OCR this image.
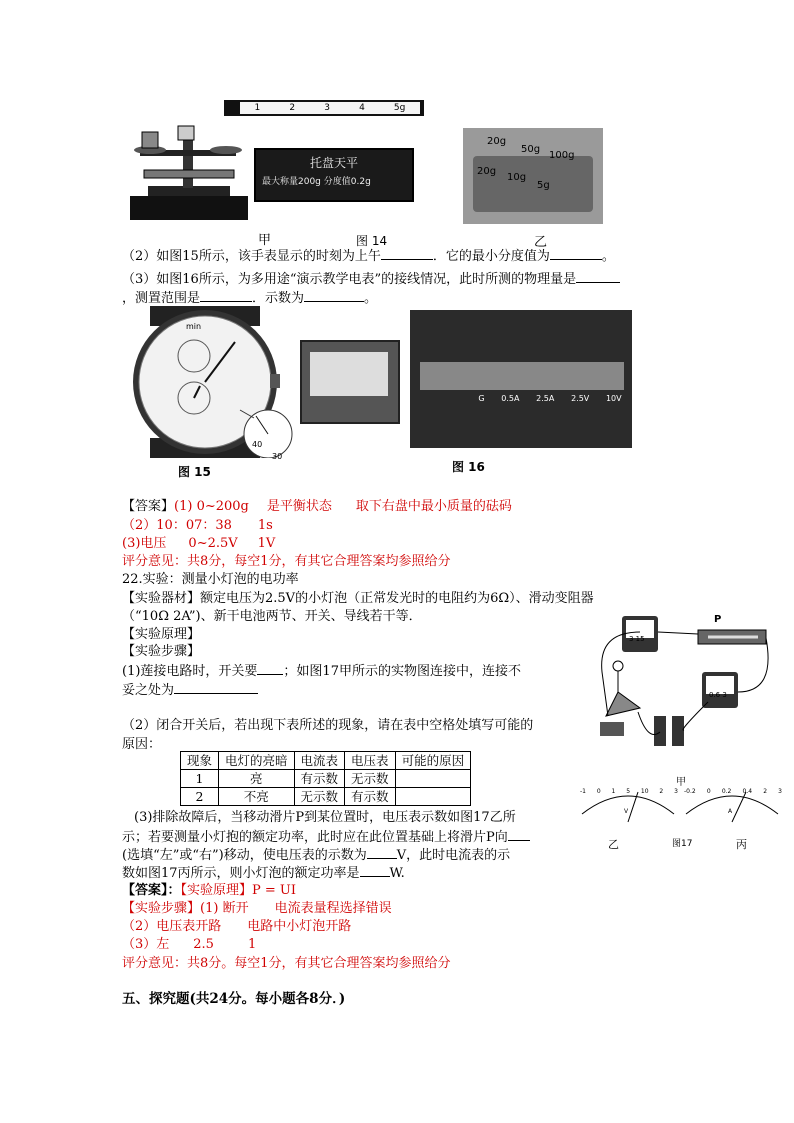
1	2	3	4	5g
托盘天平
最大称量200g 分度值0.2g
20g
50g
100g
20g
10g
5g
甲	图 14	乙
（2）如图15所示，该手表显示的时刻为上午	．它的最小分度值为	。
（3）如图16所示，为多用途“演示教学电表”的接线情况，此时所测的物理量是
，测置范围是	．示数为	。
min
40
30
图 15
G 0.5A 2.5A 2.5V 10V
图 16
【答案】(1) 0~200g 是平衡状态 取下右盘中最小质量的砝码
（2）10：07：38 1s
(3)电压 0~2.5V 1V
评分意见：共8分，每空1分，有其它合理答案均参照给分
22.实验：测量小灯泡的电功率
【实验器材】额定电压为2.5V的小灯泡（正常发光时的电阻约为6Ω）、滑动变阻器
（“10Ω 2A”)、新干电池两节、开关、导线若干等．
【实验原理】
【实验步骤】
(1)莲接电路时，开关要 ；如图17甲所示的实物图连接中，连接不
妥之处为
（2）闭合开关后，若出现下表所述的现象，请在表中空格处填写可能的
原因：
现象	电灯的亮暗	电流表	电压表	可能的原因
1	亮	有示数	无示数	
2	不亮	无示数	有示数	
(3)排除故障后，当移动滑片P到某位置时，电压表示数如图17乙所
示；若要测量小灯抱的额定功率，此时应在此位置基础上将滑片P向
(选填“左”或“右”)移动，使电压表的示数为 V，此时电流表的示
数如图17丙所示，则小灯泡的额定功率是 W.
P
3 15
0.6 3
甲
-1 0 1 5 10 2 3
V
-0.2 0 0.2 0.4 2 3
A
乙	图17	丙
【答案】：【实验原理】P = UI
【实验步骤】(1) 断开 电流表量程选择错误
（2）电压表开路 电路中小灯泡开路
（3）左 2.5	1
评分意见：共8分。每空1分，有其它合理答案均参照给分
五、探究题(共24分。每小题各8分．)
